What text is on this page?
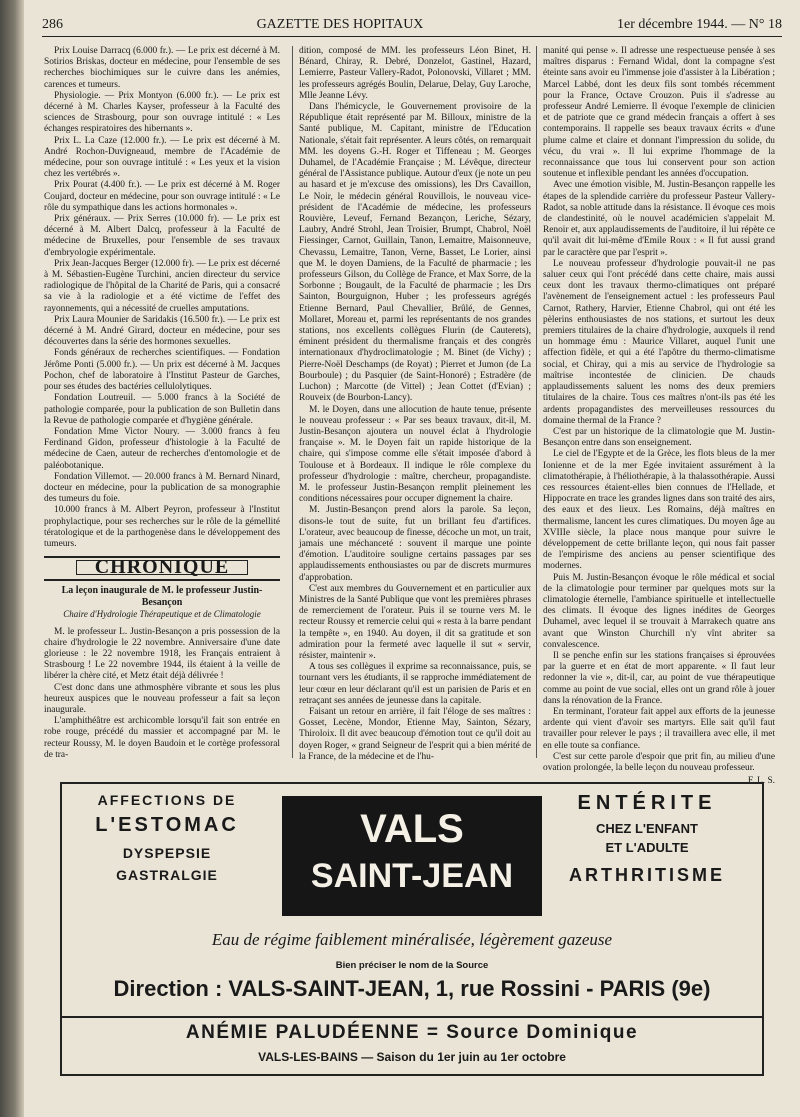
286	GAZETTE DES HOPITAUX	1er décembre 1944. — N° 18

Prix Louise Darracq (6.000 fr.). — Le prix est décerné à M. Sotirios Briskas, docteur en médecine, pour l'ensemble de ses recherches biochimiques sur le cuivre dans les anémies, carences et tumeurs.

Physiologie. — Prix Montyon (6.000 fr.). — Le prix est décerné à M. Charles Kayser, professeur à la Faculté des sciences de Strasbourg, pour son ouvrage intitulé : « Les échanges respiratoires des hibernants ».

Prix L. La Caze (12.000 fr.). — Le prix est décerné à M. André Rochon-Duvigneaud, membre de l'Académie de médecine, pour son ouvrage intitulé : « Les yeux et la vision chez les vertébrés ».

Prix Pourat (4.400 fr.). — Le prix est décerné à M. Roger Coujard, docteur en médecine, pour son ouvrage intitulé : « Le rôle du sympathique dans les actions hormonales ».

Prix généraux. — Prix Serres (10.000 fr). — Le prix est décerné à M. Albert Dalcq, professeur à la Faculté de médecine de Bruxelles, pour l'ensemble de ses travaux d'embryologie expérimentale.

Prix Jean-Jacques Berger (12.000 fr). — Le prix est décerné à M. Sébastien-Eugène Turchini, ancien directeur du service radiologique de l'hôpital de la Charité de Paris, qui a consacré sa vie à la radiologie et a été victime de l'effet des rayonnements, qui a nécessité de cruelles amputations.

Prix Laura Mounier de Saridakis (16.500 fr.). — Le prix est décerné à M. André Girard, docteur en médecine, pour ses découvertes dans la série des hormones sexuelles.

Fonds généraux de recherches scientifiques. — Fondation Jérôme Ponti (5.000 fr.). — Un prix est décerné à M. Jacques Pochon, chef de laboratoire à l'Institut Pasteur de Garches, pour ses études des bactéries cellulolytiques.

Fondation Loutreuil. — 5.000 francs à la Société de pathologie comparée, pour la publication de son Bulletin dans la Revue de pathologie comparée et d'hygiène générale.

Fondation Mme Victor Noury. — 3.000 francs à feu Ferdinand Gidon, professeur d'histologie à la Faculté de médecine de Caen, auteur de recherches d'entomologie et de paléobotanique.

Fondation Villemot. — 20.000 francs à M. Bernard Ninard, docteur en médecine, pour la publication de sa monographie des tumeurs du foie.

10.000 francs à M. Albert Peyron, professeur à l'Institut prophylactique, pour ses recherches sur le rôle de la gémellité tératologique et de la parthogenèse dans le développement des tumeurs.

CHRONIQUE
La leçon inaugurale de M. le professeur Justin-Besançon
Chaire d'Hydrologie Thérapeutique et de Climatologie

M. le professeur L. Justin-Besançon a pris possession de la chaire d'hydrologie le 22 novembre. Anniversaire d'une date glorieuse : le 22 novembre 1918, les Français entraient à Strasbourg ! Le 22 novembre 1944, ils étaient à la veille de libérer la chère cité, et Metz était déjà délivrée !

C'est donc dans une athmosphère vibrante et sous les plus heureux auspices que le nouveau professeur a fait sa leçon inaugurale.

L'amphithéâtre est archicomble lorsqu'il fait son entrée en robe rouge, précédé du massier et accompagné par M. le recteur Roussy, M. le doyen Baudoin et le cortège professoral de tra-

dition, composé de MM. les professeurs Léon Binet, H. Bénard, Chiray, R. Debré, Donzelot, Gastinel, Hazard, Lemierre, Pasteur Vallery-Radot, Polonovski, Villaret ; MM. les professeurs agrégés Boulin, Delarue, Delay, Guy Laroche, Mlle Jeanne Lévy.

Dans l'hémicycle, le Gouvernement provisoire de la République était représenté par M. Billoux, ministre de la Santé publique, M. Capitant, ministre de l'Education Nationale, s'était fait représenter. A leurs côtés, on remarquait MM. les doyens G.-H. Roger et Tiffeneau ; M. Georges Duhamel, de l'Académie Française ; M. Lévêque, directeur général de l'Assistance publique. Autour d'eux (je note un peu au hasard et je m'excuse des omissions), les Drs Cavaillon, Le Noir, le médecin général Rouvillois, le nouveau vice-président de l'Académie de médecine, les professeurs Rouvière, Leveuf, Fernand Bezançon, Leriche, Sézary, Laubry, André Strohl, Jean Troisier, Brumpt, Chabrol, Noël Fiessinger, Carnot, Guillain, Tanon, Lemaitre, Maisonneuve, Chevassu, Lemaitre, Tanon, Verne, Basset, Le Lorier, ainsi que M. le doyen Damiens, de la Faculté de pharmacie ; les professeurs Gilson, du Collège de France, et Max Sorre, de la Sorbonne ; Bougault, de la Faculté de pharmacie ; les Drs Sainton, Bourguignon, Huber ; les professeurs agrégés Etienne Bernard, Paul Chevallier, Brûlé, de Gennes, Mollaret, Moreau et, parmi les représentants de nos grandes stations, nos excellents collègues Flurin (de Cauterets), éminent président du thermalisme français et des congrès internationaux d'hydroclimatologie ; M. Binet (de Vichy) ; Pierre-Noël Deschamps (de Royat) ; Pierret et Jumon (de La Bourboule) ; du Pasquier (de Saint-Honoré) ; Estradère (de Luchon) ; Marcotte (de Vittel) ; Jean Cottet (d'Evian) ; Rouveix (de Bourbon-Lancy).

M. le Doyen, dans une allocution de haute tenue, présente le nouveau professeur : « Par ses beaux travaux, dit-il, M. Justin-Besançon ajoutera un nouvel éclat à l'hydrologie française ». M. le Doyen fait un rapide historique de la chaire, qui s'impose comme elle s'était imposée d'abord à Toulouse et à Bordeaux. Il indique le rôle complexe du professeur d'hydrologie : maître, chercheur, propagandiste. M. le professeur Justin-Besançon remplit pleinement les conditions nécessaires pour occuper dignement la chaire.

M. Justin-Besançon prend alors la parole. Sa leçon, disons-le tout de suite, fut un brillant feu d'artifices. L'orateur, avec beaucoup de finesse, décoche un mot, un trait, jamais une méchanceté : souvent il marque une pointe d'émotion. L'auditoire souligne certains passages par ses applaudissements enthousiastes ou par de discrets murmures d'approbation.

C'est aux membres du Gouvernement et en particulier aux Ministres de la Santé Publique que vont les premières phrases de remerciement de l'orateur. Puis il se tourne vers M. le recteur Roussy et remercie celui qui « resta à la barre pendant la tempête », en 1940. Au doyen, il dit sa gratitude et son admiration pour la fermeté avec laquelle il sut « servir, résister, maintenir ».

A tous ses collègues il exprime sa reconnaissance, puis, se tournant vers les étudiants, il se rapproche immédiatement de leur cœur en leur déclarant qu'il est un parisien de Paris et en retraçant ses années de jeunesse dans la capitale.

Faisant un retour en arrière, il fait l'éloge de ses maîtres : Gosset, Lecène, Mondor, Etienne May, Sainton, Sézary, Thiroloix. Il dit avec beaucoup d'émotion tout ce qu'il doit au doyen Roger, « grand Seigneur de l'esprit qui a bien mérité de la France, de la médecine et de l'hu-

manité qui pense ». Il adresse une respectueuse pensée à ses maîtres disparus : Fernand Widal, dont la compagne s'est éteinte sans avoir eu l'immense joie d'assister à la Libération ; Marcel Labbé, dont les deux fils sont tombés récemment pour la France, Octave Crouzon. Puis il s'adresse au professeur André Lemierre. Il évoque l'exemple de clinicien et de patriote que ce grand médecin français a offert à ses contemporains. Il rappelle ses beaux travaux écrits « d'une plume calme et claire et donnant l'impression du solide, du vécu, du vrai ». Il lui exprime l'hommage de la reconnaissance que tous lui conservent pour son action soutenue et inflexible pendant les années d'occupation.

Avec une émotion visible, M. Justin-Besançon rappelle les étapes de la splendide carrière du professeur Pasteur Vallery-Radot, sa noble attitude dans la résistance. Il évoque ces mois de clandestinité, où le nouvel académicien s'appelait M. Renoir et, aux applaudissements de l'auditoire, il lui répète ce qu'il avait dit lui-même d'Emile Roux : « Il fut aussi grand par le caractère que par l'esprit ».

Le nouveau professeur d'hydrologie pouvait-il ne pas saluer ceux qui l'ont précédé dans cette chaire, mais aussi ceux dont les travaux thermo-climatiques ont préparé l'avènement de l'enseignement actuel : les professeurs Paul Carnot, Rathery, Harvier, Etienne Chabrol, qui ont été les pèlerins enthousiastes de nos stations, et surtout les deux premiers titulaires de la chaire d'hydrologie, auxquels il rend un hommage ému : Maurice Villaret, auquel l'unit une affection fidèle, et qui a été l'apôtre du thermo-climatisme social, et Chiray, qui a mis au service de l'hydrologie sa maîtrise incontestée de clinicien. De chauds applaudissements saluent les noms des deux premiers titulaires de la chaire. Tous ces maîtres n'ont-ils pas été les ardents propagandistes des merveilleuses ressources du domaine thermal de la France ?

C'est par un historique de la climatologie que M. Justin-Besançon entre dans son enseignement.

Le ciel de l'Egypte et de la Grèce, les flots bleus de la mer Ionienne et de la mer Egée invitaient assurément à la climatothérapie, à l'héliothérapie, à la thalassothérapie. Aussi ces ressources étaient-elles bien connues de l'Hellade, et Hippocrate en trace les grandes lignes dans son traité des airs, des eaux et des lieux. Les Romains, déjà maîtres en thermalisme, lancent les cures climatiques. Du moyen âge au XVIIIe siècle, la place nous manque pour suivre le développement de cette brillante leçon, qui nous fait passer de l'empirisme des anciens au penser scientifique des modernes.

Puis M. Justin-Besançon évoque le rôle médical et social de la climatologie pour terminer par quelques mots sur la climatologie éternelle, l'ambiance spirituelle et intellectuelle des climats. Il évoque des lignes inédites de Georges Duhamel, avec lequel il se trouvait à Marrakech quatre ans avant que Winston Churchill n'y vînt abriter sa convalescence.

Il se penche enfin sur les stations françaises si éprouvées par la guerre et en état de mort apparente. « Il faut leur redonner la vie », dit-il, car, au point de vue thérapeutique comme au point de vue social, elles ont un grand rôle à jouer dans la rénovation de la France.

En terminant, l'orateur fait appel aux efforts de la jeunesse ardente qui vient d'avoir ses martyrs. Elle sait qu'il faut travailler pour relever le pays ; il travaillera avec elle, il met en elle toute sa confiance.

C'est sur cette parole d'espoir que prit fin, au milieu d'une ovation prolongée, la belle leçon du nouveau professeur.

F. L. S.
AFFECTIONS DE
L'ESTOMAC
DYSPEPSIE
GASTRALGIE
VALS
SAINT-JEAN
ENTÉRITE
CHEZ L'ENFANT
ET L'ADULTE
ARTHRITISME
Eau de régime faiblement minéralisée, légèrement gazeuse
Bien préciser le nom de la Source
Direction : VALS-SAINT-JEAN, 1, rue Rossini - PARIS (9e)
ANÉMIE PALUDÉENNE = Source Dominique
VALS-LES-BAINS — Saison du 1er juin au 1er octobre
